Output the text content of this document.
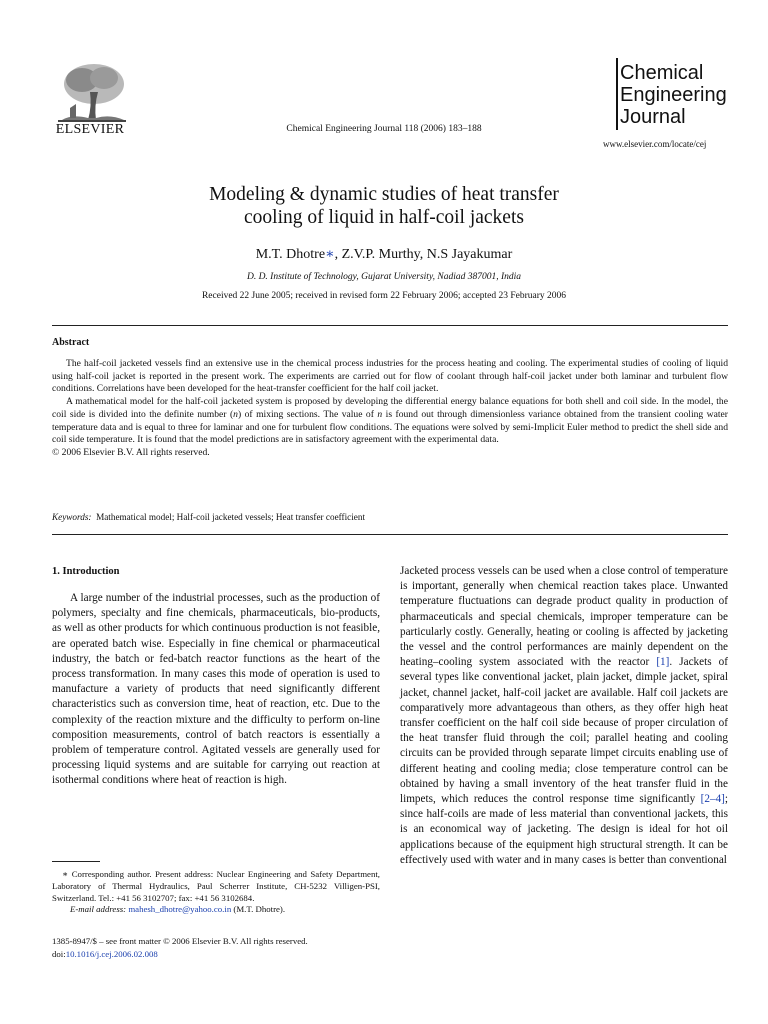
ELSEVIER	Chemical Engineering Journal 118 (2006) 183–188
Chemical
Engineering
Journal
www.elsevier.com/locate/cej
Modeling & dynamic studies of heat transfer
cooling of liquid in half-coil jackets
M.T. Dhotre∗, Z.V.P. Murthy, N.S Jayakumar
D. D. Institute of Technology, Gujarat University, Nadiad 387001, India
Received 22 June 2005; received in revised form 22 February 2006; accepted 23 February 2006
Abstract

The half-coil jacketed vessels find an extensive use in the chemical process industries for the process heating and cooling. The experimental studies of cooling of liquid using half-coil jacket is reported in the present work. The experiments are carried out for flow of coolant through half-coil jacket under both laminar and turbulent flow conditions. Correlations have been developed for the heat-transfer coefficient for the half coil jacket.

A mathematical model for the half-coil jacketed system is proposed by developing the differential energy balance equations for both shell and coil side. In the model, the coil side is divided into the definite number (n) of mixing sections. The value of n is found out through dimensionless variance obtained from the transient cooling water temperature data and is equal to three for laminar and one for turbulent flow conditions. The equations were solved by semi-Implicit Euler method to predict the shell side and coil side temperature. It is found that the model predictions are in satisfactory agreement with the experimental data.

© 2006 Elsevier B.V. All rights reserved.

Keywords: Mathematical model; Half-coil jacketed vessels; Heat transfer coefficient
1. Introduction

A large number of the industrial processes, such as the production of polymers, specialty and fine chemicals, pharmaceuticals, bio-products, as well as other products for which continuous production is not feasible, are operated batch wise. Especially in fine chemical or pharmaceutical industry, the batch or fed-batch reactor functions as the heart of the process transformation. In many cases this mode of operation is used to manufacture a variety of products that need significantly different characteristics such as conversion time, heat of reaction, etc. Due to the complexity of the reaction mixture and the difficulty to perform on-line composition measurements, control of batch reactors is essentially a problem of temperature control. Agitated vessels are generally used for processing liquid systems and are suitable for carrying out reaction at isothermal conditions where heat of reaction is high.

Jacketed process vessels can be used when a close control of temperature is important, generally when chemical reaction takes place. Unwanted temperature fluctuations can degrade product quality in production of pharmaceuticals and special chemicals, improper temperature can be particularly costly. Generally, heating or cooling is affected by jacketing the vessel and the control performances are mainly dependent on the heating–cooling system associated with the reactor [1]. Jackets of several types like conventional jacket, plain jacket, dimple jacket, spiral jacket, channel jacket, half-coil jacket are available. Half coil jackets are comparatively more advantageous than others, as they offer high heat transfer coefficient on the half coil side because of proper circulation of the heat transfer fluid through the coil; parallel heating and cooling circuits can be provided through separate limpet circuits enabling use of different heating and cooling media; close temperature control can be obtained by having a small inventory of the heat transfer fluid in the limpets, which reduces the control response time significantly [2–4]; since half-coils are made of less material than conventional jackets, this is an economical way of jacketing. The design is ideal for hot oil applications because of the equipment high structural strength. It can be effectively used with water and in many cases is better than conventional

∗ Corresponding author. Present address: Nuclear Engineering and Safety Department, Laboratory of Thermal Hydraulics, Paul Scherrer Institute, CH-5232 Villigen-PSI, Switzerland. Tel.: +41 56 3102707; fax: +41 56 3102684.

E-mail address: mahesh_dhotre@yahoo.co.in (M.T. Dhotre).

1385-8947/$ – see front matter © 2006 Elsevier B.V. All rights reserved.
doi:10.1016/j.cej.2006.02.008
